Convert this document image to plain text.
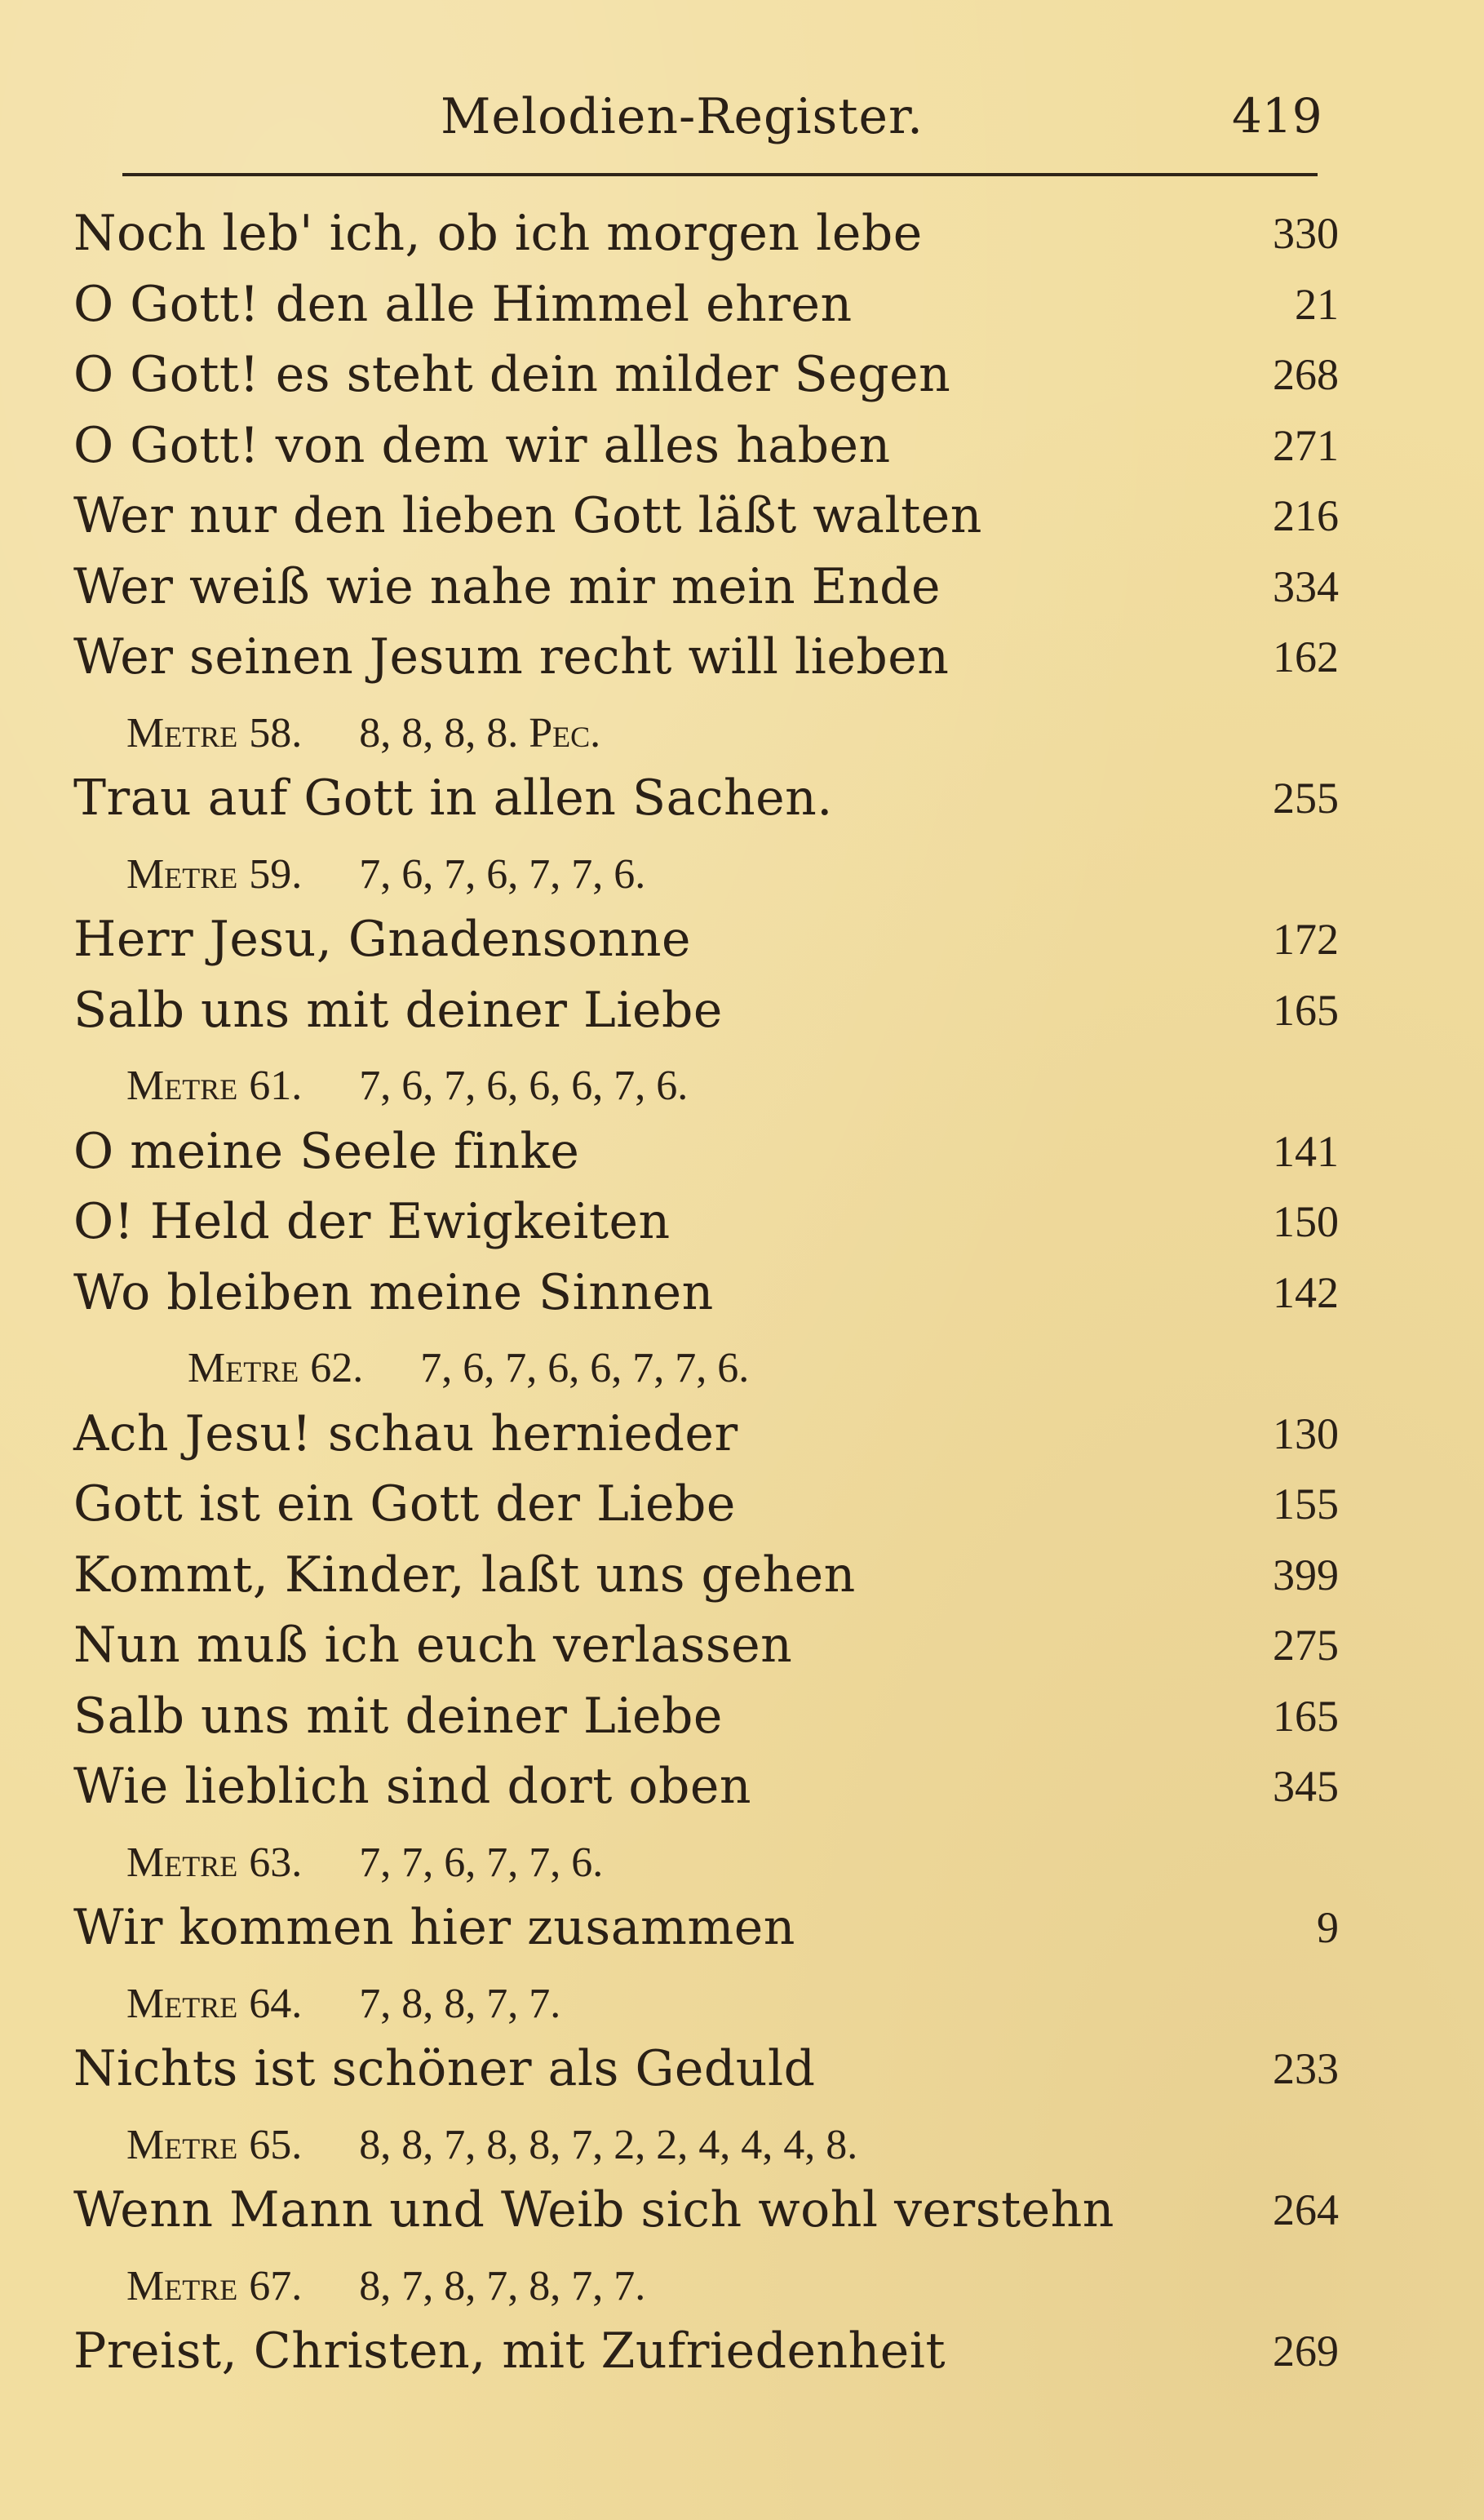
Melodien-Register.	419
Noch leb' ich, ob ich morgen lebe	330
O Gott! den alle Himmel ehren	21
O Gott! es steht dein milder Segen	268
O Gott! von dem wir alles haben	271
Wer nur den lieben Gott läßt walten	216
Wer weiß wie nahe mir mein Ende	334
Wer seinen Jesum recht will lieben	162
Metre 58. 8, 8, 8, 8. Pec.
Trau auf Gott in allen Sachen.	255
Metre 59. 7, 6, 7, 6, 7, 7, 6.
Herr Jesu, Gnadensonne	172
Salb uns mit deiner Liebe	165
Metre 61. 7, 6, 7, 6, 6, 6, 7, 6.
O meine Seele finke	141
O! Held der Ewigkeiten	150
Wo bleiben meine Sinnen	142
Metre 62. 7, 6, 7, 6, 6, 7, 7, 6.
Ach Jesu! schau hernieder	130
Gott ist ein Gott der Liebe	155
Kommt, Kinder, laßt uns gehen	399
Nun muß ich euch verlassen	275
Salb uns mit deiner Liebe	165
Wie lieblich sind dort oben	345
Metre 63. 7, 7, 6, 7, 7, 6.
Wir kommen hier zusammen	9
Metre 64. 7, 8, 8, 7, 7.
Nichts ist schöner als Geduld	233
Metre 65. 8, 8, 7, 8, 8, 7, 2, 2, 4, 4, 4, 8.
Wenn Mann und Weib sich wohl verstehn	264
Metre 67. 8, 7, 8, 7, 8, 7, 7.
Preist, Christen, mit Zufriedenheit	269
